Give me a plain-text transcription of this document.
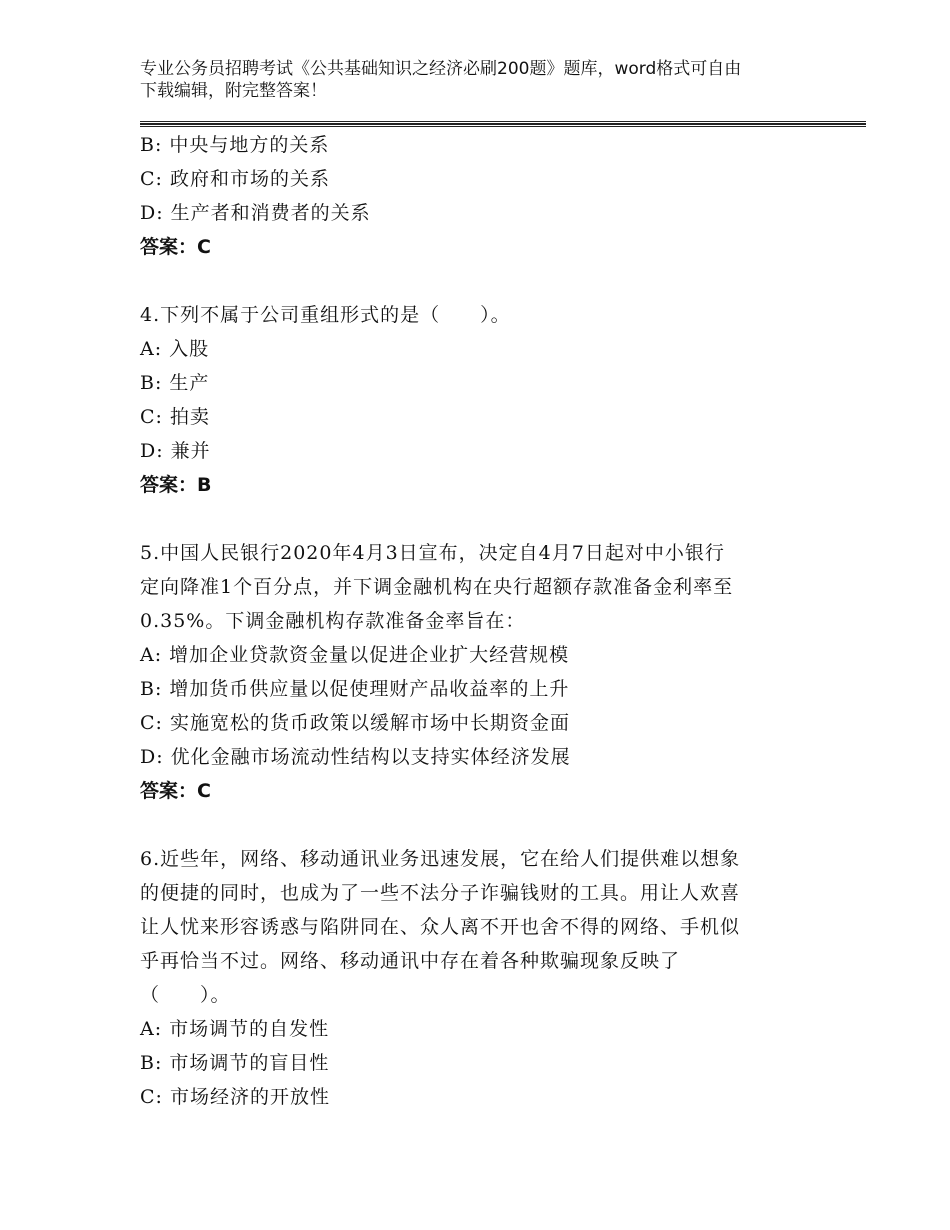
专业公务员招聘考试《公共基础知识之经济必刷200题》题库，word格式可自由
下载编辑，附完整答案！
B: 中央与地方的关系
C: 政府和市场的关系
D: 生产者和消费者的关系
答案：C
4.下列不属于公司重组形式的是（　　）。
A: 入股
B: 生产
C: 拍卖
D: 兼并
答案：B
5.中国人民银行2020年4月3日宣布，决定自4月7日起对中小银行
定向降准1个百分点，并下调金融机构在央行超额存款准备金利率至
0.35%。下调金融机构存款准备金率旨在：
A: 增加企业贷款资金量以促进企业扩大经营规模
B: 增加货币供应量以促使理财产品收益率的上升
C: 实施宽松的货币政策以缓解市场中长期资金面
D: 优化金融市场流动性结构以支持实体经济发展
答案：C
6.近些年，网络、移动通讯业务迅速发展，它在给人们提供难以想象
的便捷的同时，也成为了一些不法分子诈骗钱财的工具。用让人欢喜
让人忧来形容诱惑与陷阱同在、众人离不开也舍不得的网络、手机似
乎再恰当不过。网络、移动通讯中存在着各种欺骗现象反映了
（　　）。
A: 市场调节的自发性
B: 市场调节的盲目性
C: 市场经济的开放性
